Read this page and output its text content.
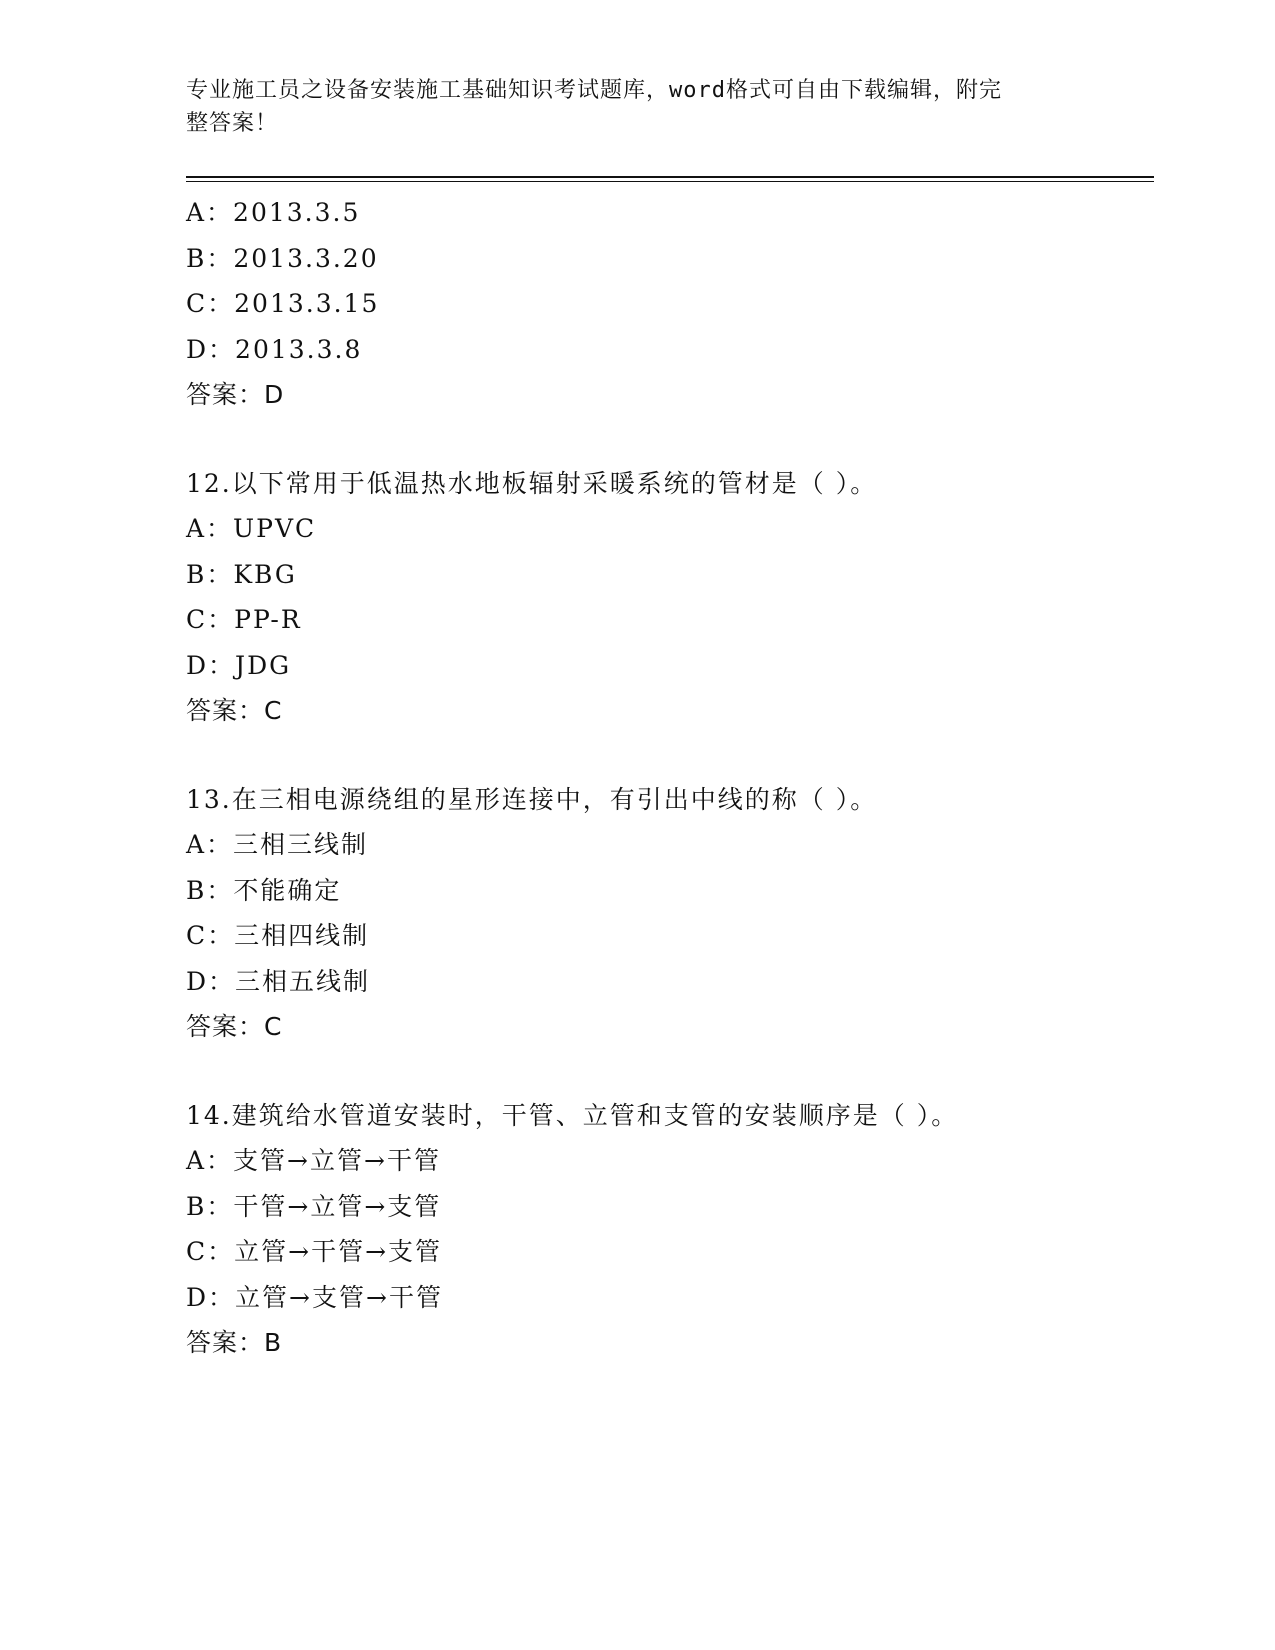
专业施工员之设备安装施工基础知识考试题库，word格式可自由下载编辑，附完
整答案！
A：2013.3.5
B：2013.3.20
C：2013.3.15
D：2013.3.8
答案：D
12.以下常用于低温热水地板辐射采暖系统的管材是（ ）。
A：UPVC
B：KBG
C：PP-R
D：JDG
答案：C
13.在三相电源绕组的星形连接中，有引出中线的称（ ）。
A：三相三线制
B：不能确定
C：三相四线制
D：三相五线制
答案：C
14.建筑给水管道安装时，干管、立管和支管的安装顺序是（ ）。
A：支管→立管→干管
B：干管→立管→支管
C：立管→干管→支管
D：立管→支管→干管
答案：B
